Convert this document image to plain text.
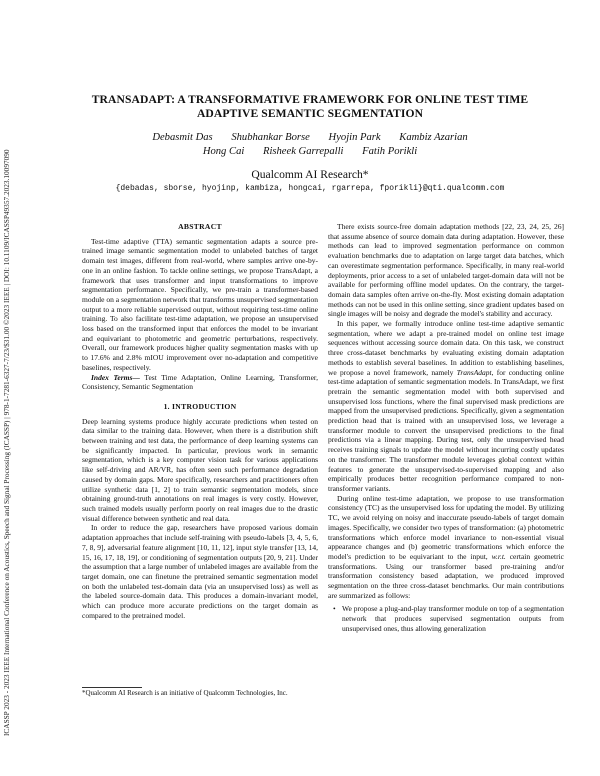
ICASSP 2023 - 2023 IEEE International Conference on Acoustics, Speech and Signal Processing (ICASSP) | 978-1-7281-6327-7/23/$31.00 ©2023 IEEE | DOI: 10.1109/ICASSP49357.2023.10097090
TRANSADAPT: A TRANSFORMATIVE FRAMEWORK FOR ONLINE TEST TIME
ADAPTIVE SEMANTIC SEGMENTATION
Debasmit Das Shubhankar Borse Hyojin Park Kambiz Azarian
Hong Cai Risheek Garrepalli Fatih Porikli
Qualcomm AI Research*
{debadas, sborse, hyojinp, kambiza, hongcai, rgarrepa, fporikli}@qti.qualcomm.com
ABSTRACT

Test-time adaptive (TTA) semantic segmentation adapts a source pre-trained image semantic segmentation model to unlabeled batches of target domain test images, different from real-world, where samples arrive one-by-one in an online fashion. To tackle online settings, we propose TransAdapt, a framework that uses transformer and input transformations to improve segmentation performance. Specifically, we pre-train a transformer-based module on a segmentation network that transforms unsupervised segmentation output to a more reliable supervised output, without requiring test-time online training. To also facilitate test-time adaptation, we propose an unsupervised loss based on the transformed input that enforces the model to be invariant and equivariant to photometric and geometric perturbations, respectively. Overall, our framework produces higher quality segmentation masks with up to 17.6% and 2.8% mIOU improvement over no-adaptation and competitive baselines, respectively.

Index Terms— Test Time Adaptation, Online Learning, Transformer, Consistency, Semantic Segmentation

1. INTRODUCTION

Deep learning systems produce highly accurate predictions when tested on data similar to the training data. However, when there is a distribution shift between training and test data, the performance of deep learning systems can be significantly impacted. In particular, previous work in semantic segmentation, which is a key computer vision task for various applications like self-driving and AR/VR, has often seen such performance degradation caused by domain gaps. More specifically, researchers and practitioners often utilize synthetic data [1, 2] to train semantic segmentation models, since obtaining ground-truth annotations on real images is very costly. However, such trained models usually perform poorly on real images due to the drastic visual difference between synthetic and real data.

In order to reduce the gap, researchers have proposed various domain adaptation approaches that include self-training with pseudo-labels [3, 4, 5, 6, 7, 8, 9], adversarial feature alignment [10, 11, 12], input style transfer [13, 14, 15, 16, 17, 18, 19], or conditioning of segmentation outputs [20, 9, 21]. Under the assumption that a large number of unlabeled images are available from the target domain, one can finetune the pretrained semantic segmentation model on both the unlabeled test-domain data (via an unsupervised loss) as well as the labeled source-domain data. This produces a domain-invariant model, which can produce more accurate predictions on the target domain as compared to the pretrained model.

*Qualcomm AI Research is an initiative of Qualcomm Technologies, Inc.

There exists source-free domain adaptation methods [22, 23, 24, 25, 26] that assume absence of source domain data during adaptation. However, these methods can lead to improved segmentation performance on common evaluation benchmarks due to adaptation on large target data batches, which can overestimate segmentation performance. Specifically, in many real-world deployments, prior access to a set of unlabeled target-domain data will not be available for performing offline model updates. On the contrary, the target-domain data samples often arrive on-the-fly. Most existing domain adaptation methods can not be used in this online setting, since gradient updates based on single images will be noisy and degrade the model's stability and accuracy.

In this paper, we formally introduce online test-time adaptive semantic segmentation, where we adapt a pre-trained model on online test image sequences without accessing source domain data. On this task, we construct three cross-dataset benchmarks by evaluating existing domain adaptation methods to establish several baselines. In addition to establishing baselines, we propose a novel framework, namely TransAdapt, for conducting online test-time adaptation of semantic segmentation models. In TransAdapt, we first pretrain the semantic segmentation model with both supervised and unsupervised loss functions, where the final supervised mask predictions are mapped from the unsupervised predictions. Specifically, given a segmentation prediction head that is trained with an unsupervised loss, we leverage a transformer module to convert the unsupervised predictions to the final predictions via a linear mapping. During test, only the unsupervised head receives training signals to update the model without incurring costly updates on the transformer. The transformer module leverages global context within features to generate the unsupervised-to-supervised mapping and also empirically produces better recognition performance compared to non-transformer variants.

During online test-time adaptation, we propose to use transformation consistency (TC) as the unsupervised loss for updating the model. By utilizing TC, we avoid relying on noisy and inaccurate pseudo-labels of target domain images. Specifically, we consider two types of transformation: (a) photometric transformations which enforce model invariance to non-essential visual appearance changes and (b) geometric transformations which enforce the model's prediction to be equivariant to the input, w.r.t. certain geometric transformations. Using our transformer based pre-training and/or transformation consistency based adaptation, we produced improved segmentation on the three cross-dataset benchmarks. Our main contributions are summarized as follows:

• We propose a plug-and-play transformer module on top of a segmentation network that produces supervised segmentation outputs from unsupervised ones, thus allowing generalization
